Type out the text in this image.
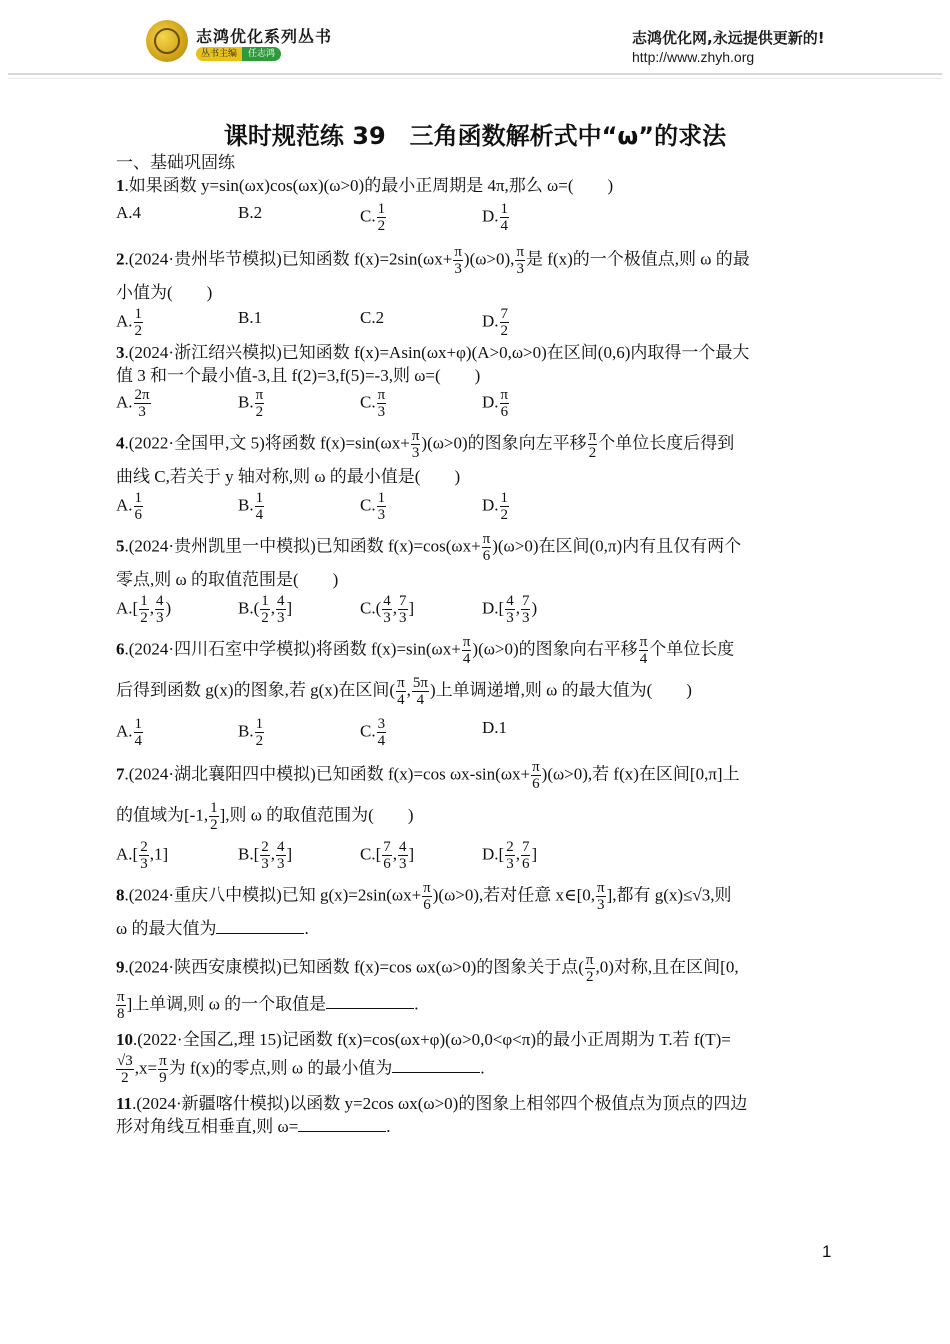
志鸿优化系列丛书
丛书主编 任志鸿
志鸿优化网,永远提供更新的!
http://www.zhyh.org
课时规范练 39　三角函数解析式中“ω”的求法
一、基础巩固练
1.如果函数 y=sin(ωx)cos(ωx)(ω>0)的最小正周期是 4π,那么 ω=(　　)
A.4	B.2	C. $\frac{1}{2}$	D. $\frac{1}{4}$
2.(2024·贵州毕节模拟)已知函数 $f(x)=2\sin(\omega x+ \frac{\pi}{3} )(\omega>0)$, $\frac{\pi}{3}$ 是 f(x)的一个极值点,则 ω 的最
小值为(　　)
A. $\frac{1}{2}$	B.1	C.2	D. $\frac{7}{2}$
3.(2024·浙江绍兴模拟)已知函数 f(x)=Asin(ωx+φ)(A>0,ω>0)在区间(0,6)内取得一个最大
值 3 和一个最小值-3,且 f(2)=3,f(5)=-3,则 ω=(　　)
A. $\frac{2\pi}{3}$	B. $\frac{\pi}{2}$	C. $\frac{\pi}{3}$	D. $\frac{\pi}{6}$
4.(2022·全国甲,文 5)将函数 $f(x)=\sin(\omega x+ \frac{\pi}{3} )(\omega>0)$的图象向左平移 $\frac{\pi}{2}$ 个单位长度后得到
曲线 C,若关于 y 轴对称,则 ω 的最小值是(　　)
A. $\frac{1}{6}$	B. $\frac{1}{4}$	C. $\frac{1}{3}$	D. $\frac{1}{2}$
5.(2024·贵州凯里一中模拟)已知函数 $f(x)=\cos(\omega x+ \frac{\pi}{6} )(\omega>0)$在区间(0,π)内有且仅有两个
零点,则 ω 的取值范围是(　　)
$A.[ \frac{1}{2}$ , $\frac{4}{3}$ )	$B.( \frac{1}{2}$ , $\frac{4}{3}$ ]	$C.( \frac{4}{3}$ , $\frac{7}{3}$ ]	$D.[ \frac{4}{3}$ , $\frac{7}{3}$ )
6.(2024·四川石室中学模拟)将函数 $f(x)=\sin(\omega x+ \frac{\pi}{4} )(\omega>0)$的图象向右平移 $\frac{\pi}{4}$ 个单位长度
后得到函数 g(x)的图象,若 g(x)在区间( $\frac{\pi}{4}$ , $\frac{5\pi}{4}$ )上单调递增,则 ω 的最大值为(　　)
A. $\frac{1}{4}$	B. $\frac{1}{2}$	C. $\frac{3}{4}$	D.1
7.(2024·湖北襄阳四中模拟)已知函数 f(x)=cos $\omega x-\sin(\omega x+ \frac{\pi}{6} )(\omega>0)$,若 f(x)在区间[0,π]上
的值域为[-1, $\frac{1}{2}$ ],则 ω 的取值范围为(　　)
$A.[ \frac{2}{3} ,1]$	$B.[ \frac{2}{3}$ , $\frac{4}{3}$ ]	$C.[ \frac{7}{6}$ , $\frac{4}{3}$ ]	$D.[ \frac{2}{3}$ , $\frac{7}{6}$ ]
8.(2024·重庆八中模拟)已知 $g(x)=2\sin(\omega x+ \frac{\pi}{6} )(\omega>0)$,若对任意 x∈[0, $\frac{\pi}{3}$ ],都有 g(x)≤√3,则
ω 的最大值为	.
9.(2024·陕西安康模拟)已知函数 f(x)=cos ωx(ω>0)的图象关于点( $\frac{\pi}{2} ,0$)对称,且在区间[0,
$\frac{\pi}{8}$ ]上单调,则 ω 的一个取值是	.
10.(2022·全国乙,理 15)记函数 f(x)=cos(ωx+φ)(ω>0,0<φ<π)的最小正周期为 T.若 f(T)=
$\frac{√3}{2} ,x= \frac{\pi}{9}$ 为 f(x)的零点,则 ω 的最小值为	.
11.(2024·新疆喀什模拟)以函数 y=2cos ωx(ω>0)的图象上相邻四个极值点为顶点的四边
形对角线互相垂直,则 ω=	.
1
